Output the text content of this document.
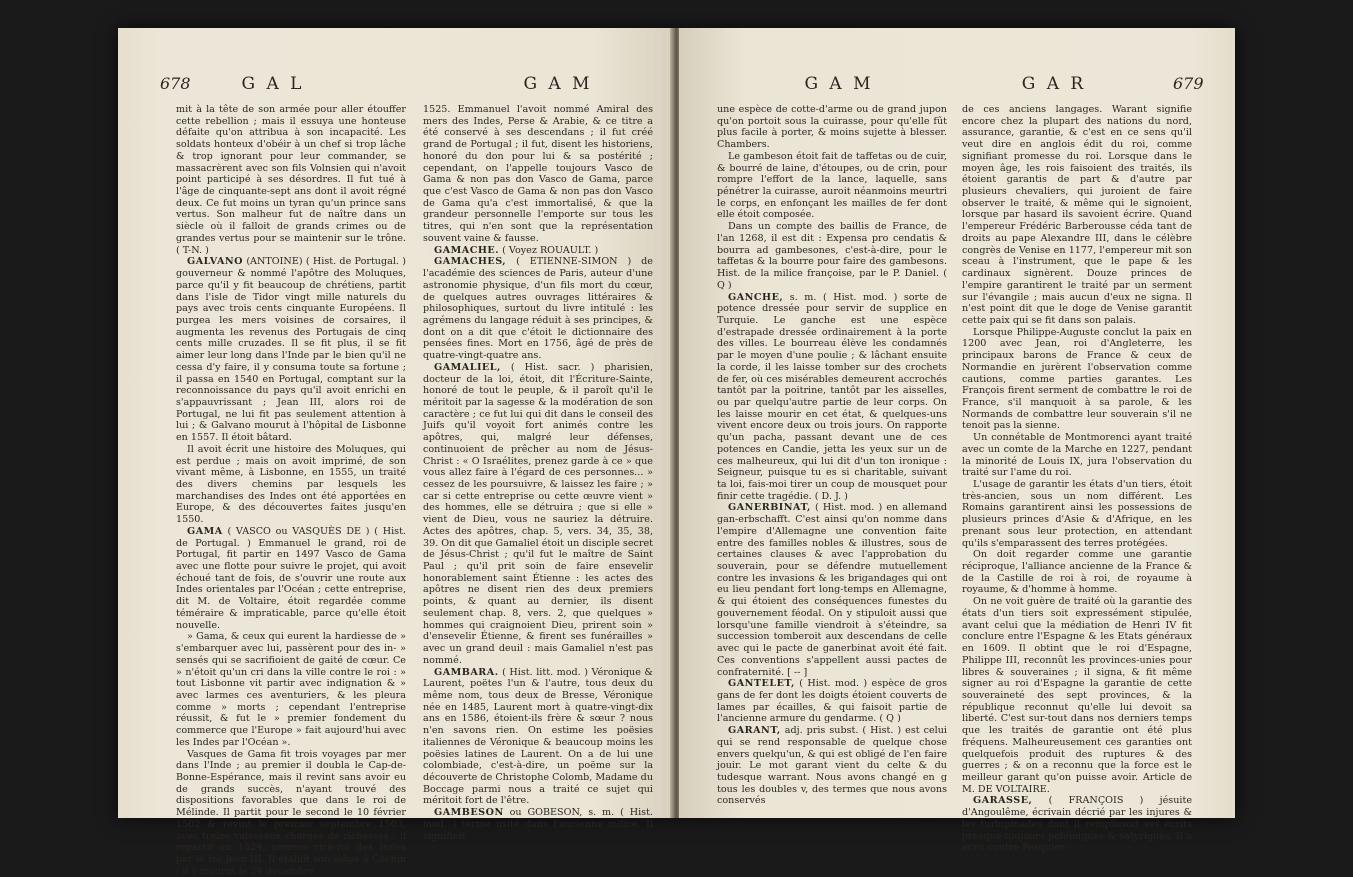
678	G A L	G A M

mit à la tête de son armée pour aller étouffer cette rebellion ; mais il essuya une honteuse défaite qu'on attribua à son incapacité. Les soldats honteux d'obéir à un chef si trop lâche & trop ignorant pour leur commander, se massacrèrent avec son fils Volnsien qui n'avoit point participé à ses désordres. Il fut tué à l'âge de cinquante-sept ans dont il avoit régné deux. Ce fut moins un tyran qu'un prince sans vertus. Son malheur fut de naître dans un siècle où il falloit de grands crimes ou de grandes vertus pour se maintenir sur le trône. ( T-N. )

GALVANO (ANTOINE) ( Hist. de Portugal. ) gouverneur & nommé l'apôtre des Moluques, parce qu'il y fit beaucoup de chrétiens, partit dans l'isle de Tidor vingt mille naturels du pays avec trois cents cinquante Européens. Il purgea les mers voisines de corsaires, il augmenta les revenus des Portugais de cinq cents mille cruzades. Il se fit plus, il se fit aimer leur long dans l'Inde par le bien qu'il ne cessa d'y faire, il y consuma toute sa fortune ; il passa en 1540 en Portugal, comptant sur la reconnoissance du pays qu'il avoit enrichi en s'appauvrissant ; Jean III, alors roi de Portugal, ne lui fit pas seulement attention à lui ; & Galvano mourut à l'hôpital de Lisbonne en 1557. Il étoit bâtard.

Il avoit écrit une histoire des Moluques, qui est perdue ; mais on avoit imprimé, de son vivant même, à Lisbonne, en 1555, un traité des divers chemins par lesquels les marchandises des Indes ont été apportées en Europe, & des découvertes faites jusqu'en 1550.

GAMA ( VASCO ou VASQUÈS DE ) ( Hist. de Portugal. ) Emmanuel le grand, roi de Portugal, fit partir en 1497 Vasco de Gama avec une flotte pour suivre le projet, qui avoit échoué tant de fois, de s'ouvrir une route aux Indes orientales par l'Océan ; cette entreprise, dit M. de Voltaire, étoit regardée comme téméraire & impraticable, parce qu'elle étoit nouvelle.

» Gama, & ceux qui eurent la hardiesse de » s'embarquer avec lui, passèrent pour des in- » sensés qui se sacrifioient de gaité de cœur. Ce » n'étoit qu'un cri dans la ville contre le roi : » tout Lisbonne vit partir avec indignation & » avec larmes ces aventuriers, & les pleura comme » morts ; cependant l'entreprise réussit, & fut le » premier fondement du commerce que l'Europe » fait aujourd'hui avec les Indes par l'Océan ».

Vasques de Gama fit trois voyages par mer dans l'Inde ; au premier il doubla le Cap-de-Bonne-Espérance, mais il revint sans avoir eu de grands succès, n'ayant trouvé des dispositions favorables que dans le roi de Mélinde. Il partit pour le second le 10 février 1502 & revint le premier septembre 1503, avec treize vaisseaux chargés de richesses ; il repartit en 1524, nommé vice-roi des Indes par le roi Jean III. Il établit son siège à Cochin ; il y mourut le 24 décembre

1525. Emmanuel l'avoit nommé Amiral des mers des Indes, Perse & Arabie, & ce titre a été conservé à ses descendans ; il fut créé grand de Portugal ; il fut, disent les historiens, honoré du don pour lui & sa postérité ; cependant, on l'appelle toujours Vasco de Gama & non pas don Vasco de Gama, parce que c'est Vasco de Gama & non pas don Vasco de Gama qu'a c'est immortalisé, & que la grandeur personnelle l'emporte sur tous les titres, qui n'en sont que la représentation souvent vaine & fausse.

GAMACHE. ( Voyez ROUAULT. )

GAMACHES, ( ETIENNE-SIMON ) de l'académie des sciences de Paris, auteur d'une astronomie physique, d'un fils mort du cœur, de quelques autres ouvrages littéraires & philosophiques, surtout du livre intitulé : les agrémens du langage réduit à ses principes, & dont on a dit que c'étoit le dictionnaire des pensées fines. Mort en 1756, âgé de près de quatre-vingt-quatre ans.

GAMALIEL, ( Hist. sacr. ) pharisien, docteur de la loi, étoit, dit l'Écriture-Sainte, honoré de tout le peuple, & il paroît qu'il le méritoit par la sagesse & la modération de son caractère ; ce fut lui qui dit dans le conseil des Juifs qu'il voyoit fort animés contre les apôtres, qui, malgré leur défenses, continuoient de prêcher au nom de Jésus-Christ : « O Israélites, prenez garde à ce » que vous allez faire à l'égard de ces personnes... » cessez de les poursuivre, & laissez les faire ; » car si cette entreprise ou cette œuvre vient » des hommes, elle se détruira ; que si elle » vient de Dieu, vous ne sauriez la détruire. Actes des apôtres, chap. 5, vers. 34, 35, 38, 39. On dit que Gamaliel étoit un disciple secret de Jésus-Christ ; qu'il fut le maître de Saint Paul ; qu'il prit soin de faire ensevelir honorablement saint Étienne : les actes des apôtres ne disent rien des deux premiers points, & quant au dernier, ils disent seulement chap. 8, vers. 2, que quelques » hommes qui craignoient Dieu, prirent soin » d'ensevelir Étienne, & firent ses funérailles » avec un grand deuil : mais Gamaliel n'est pas nommé.

GAMBARA. ( Hist. litt. mod. ) Véronique & Laurent, poëtes l'un & l'autre, tous deux du même nom, tous deux de Bresse, Véronique née en 1485, Laurent mort à quatre-vingt-dix ans en 1586, étoient-ils frère & sœur ? nous n'en savons rien. On estime les poësies italiennes de Véronique & beaucoup moins les poësies latines de Laurent. On a de lui une colombiade, c'est-à-dire, un poëme sur la découverte de Christophe Colomb, Madame du Boccage parmi nous a traité ce sujet qui méritoit fort de l'être.

GAMBESON ou GOBESON, s. m. ( Hist. mod. ) terme usité dans l'ancienne milice. Il signifioit

G A M	G A R	679

une espèce de cotte-d'arme ou de grand jupon qu'on portoit sous la cuirasse, pour qu'elle fût plus facile à porter, & moins sujette à blesser. Chambers.

Le gambeson étoit fait de taffetas ou de cuir, & bourré de laine, d'étoupes, ou de crin, pour rompre l'effort de la lance, laquelle, sans pénétrer la cuirasse, auroit néanmoins meurtri le corps, en enfonçant les mailles de fer dont elle étoit composée.

Dans un compte des baillis de France, de l'an 1268, il est dit : Expensa pro cendatis & bourra ad gambesones, c'est-à-dire, pour le taffetas & la bourre pour faire des gambesons. Hist. de la milice françoise, par le P. Daniel. ( Q )

GANCHE, s. m. ( Hist. mod. ) sorte de potence dressée pour servir de supplice en Turquie. Le ganche est une espèce d'estrapade dressée ordinairement à la porte des villes. Le bourreau élève les condamnés par le moyen d'une poulie ; & lâchant ensuite la corde, il les laisse tomber sur des crochets de fer, où ces misérables demeurent accrochés tantôt par la poitrine, tantôt par les aisselles, ou par quelqu'autre partie de leur corps. On les laisse mourir en cet état, & quelques-uns vivent encore deux ou trois jours. On rapporte qu'un pacha, passant devant une de ces potences en Candie, jetta les yeux sur un de ces malheureux, qui lui dit d'un ton ironique : Seigneur, puisque tu es si charitable, suivant ta loi, fais-moi tirer un coup de mousquet pour finir cette tragédie. ( D. J. )

GANERBINAT, ( Hist. mod. ) en allemand gan-erbschafft. C'est ainsi qu'on nomme dans l'empire d'Allemagne une convention faite entre des familles nobles & illustres, sous de certaines clauses & avec l'approbation du souverain, pour se défendre mutuellement contre les invasions & les brigandages qui ont eu lieu pendant fort long-temps en Allemagne, & qui étoient des conséquences funestes du gouvernement féodal. On y stipuloit aussi que lorsqu'une famille viendroit à s'éteindre, sa succession tomberoit aux descendans de celle avec qui le pacte de ganerbinat avoit été fait. Ces conventions s'appellent aussi pactes de confraternité. [ -- ]

GANTELET, ( Hist. mod. ) espèce de gros gans de fer dont les doigts étoient couverts de lames par écailles, & qui faisoit partie de l'ancienne armure du gendarme. ( Q )

GARANT, adj. pris subst. ( Hist. ) est celui qui se rend responsable de quelque chose envers quelqu'un, & qui est obligé de l'en faire jouir. Le mot garant vient du celte & du tudesque warrant. Nous avons changé en g tous les doubles v, des termes que nous avons conservés

de ces anciens langages. Warant signifie encore chez la plupart des nations du nord, assurance, garantie, & c'est en ce sens qu'il veut dire en anglois édit du roi, comme signifiant promesse du roi. Lorsque dans le moyen âge, les rois faisoient des traités, ils étoient garantis de part & d'autre par plusieurs chevaliers, qui juroient de faire observer le traité, & même qui le signoient, lorsque par hasard ils savoient écrire. Quand l'empereur Frédéric Barberousse céda tant de droits au pape Alexandre III, dans le célèbre congrès de Venise en 1177, l'empereur mit son sceau à l'instrument, que le pape & les cardinaux signèrent. Douze princes de l'empire garantirent le traité par un serment sur l'évangile ; mais aucun d'eux ne signa. Il n'est point dit que le doge de Venise garantit cette paix qui se fit dans son palais.

Lorsque Philippe-Auguste conclut la paix en 1200 avec Jean, roi d'Angleterre, les principaux barons de France & ceux de Normandie en jurèrent l'observation comme cautions, comme parties garantes. Les François firent serment de combattre le roi de France, s'il manquoit à sa parole, & les Normands de combattre leur souverain s'il ne tenoit pas la sienne.

Un connétable de Montmorenci ayant traité avec un comte de la Marche en 1227, pendant la minorité de Louis IX, jura l'observation du traité sur l'ame du roi.

L'usage de garantir les états d'un tiers, étoit très-ancien, sous un nom différent. Les Romains garantirent ainsi les possessions de plusieurs princes d'Asie & d'Afrique, en les prenant sous leur protection, en attendant qu'ils s'emparassent des terres protégées.

On doit regarder comme une garantie réciproque, l'alliance ancienne de la France & de la Castille de roi à roi, de royaume à royaume, & d'homme à homme.

On ne voit guère de traité où la garantie des états d'un tiers soit expressément stipulée, avant celui que la médiation de Henri IV fit conclure entre l'Espagne & les Etats généraux en 1609. Il obtint que le roi d'Espagne, Philippe III, reconnût les provinces-unies pour libres & souveraines ; il signa, & fit même signer au roi d'Espagne la garantie de cette souveraineté des sept provinces, & la république reconnut qu'elle lui devoit sa liberté. C'est sur-tout dans nos derniers temps que les traités de garantie ont été plus fréquens. Malheureusement ces garanties ont quelquefois produit des ruptures & des guerres ; & on a reconnu que la force est le meilleur garant qu'on puisse avoir. Article de M. DE VOLTAIRE.

GARASSE, ( FRANÇOIS ) jésuite d'Angoulême, écrivain décrié par les injures & les turlupinades dont il remplissoit ses écrits presque toujours polémiques & satyriques. Il a écrit contre Pasquier
